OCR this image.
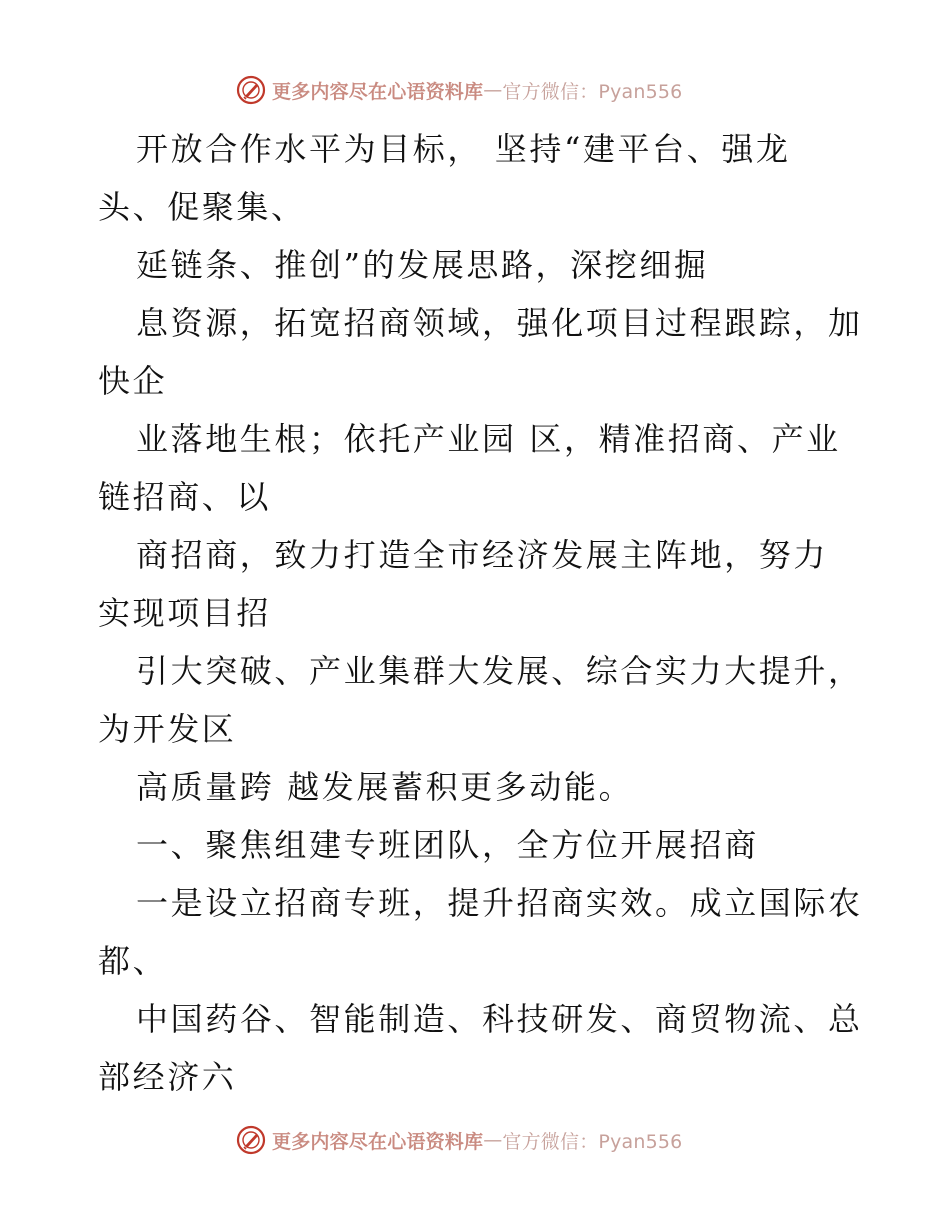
更多内容尽在心语资料库 — 官方微信：Pyan556
开放合作水平为目标， 坚持“建平台、强龙
头、促聚集、
延链条、推创”的发展思路，深挖细掘
息资源，拓宽招商领域，强化项目过程跟踪，加
快企
业落地生根；依托产业园 区，精准招商、产业
链招商、以
商招商，致力打造全市经济发展主阵地，努力
实现项目招
引大突破、产业集群大发展、综合实力大提升，
为开发区
高质量跨 越发展蓄积更多动能。
一、聚焦组建专班团队，全方位开展招商
一是设立招商专班，提升招商实效。成立国际农
都、
中国药谷、智能制造、科技研发、商贸物流、总
部经济六
更多内容尽在心语资料库 — 官方微信：Pyan556
